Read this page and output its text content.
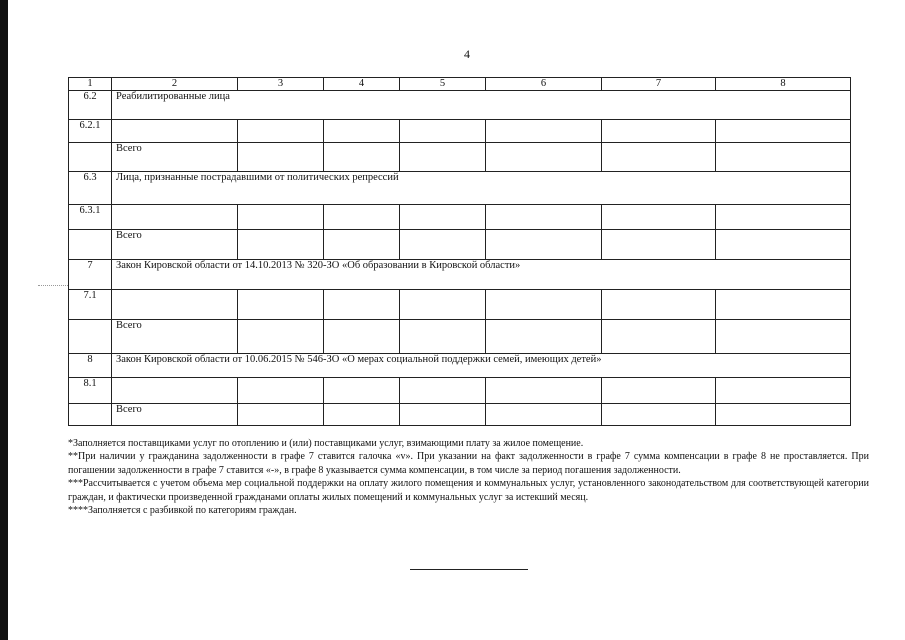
4
1	2	3	4	5	6	7	8
6.2	Реабилитированные лица						
6.2.1							
	Всего						
6.3	Лица, признанные пострадавшими от политических репрессий						
6.3.1							
	Всего						
7	Закон Кировской области от 14.10.2013 № 320-ЗО «Об образовании в Кировской области»						
7.1							
	Всего						
8	Закон Кировской области от 10.06.2015 № 546-ЗО «О мерах социальной поддержки семей, имеющих детей»						
8.1							
	Всего						

*Заполняется поставщиками услуг по отоплению и (или) поставщиками услуг, взимающими плату за жилое помещение.

**При наличии у гражданина задолженности в графе 7 ставится галочка «v». При указании на факт задолженности в графе 7 сумма компенсации в графе 8 не проставляется. При погашении задолженности в графе 7 ставится «-», в графе 8 указывается сумма компенсации, в том числе за период погашения задолженности.

***Рассчитывается с учетом объема мер социальной поддержки на оплату жилого помещения и коммунальных услуг, установленного законодательством для соответствующей категории граждан, и фактически произведенной гражданами оплаты жилых помещений и коммунальных услуг за истекший месяц.

****Заполняется с разбивкой по категориям граждан.
